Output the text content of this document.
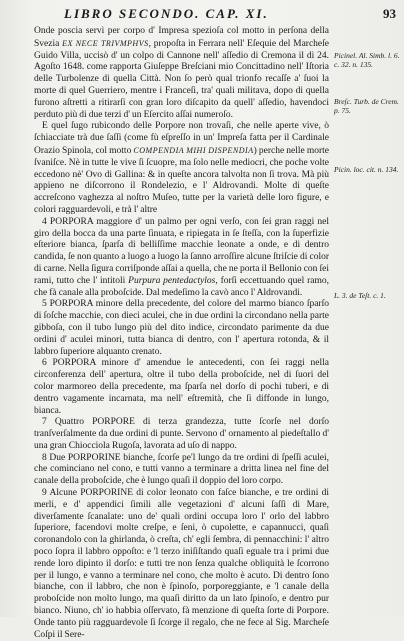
LIBRO SECONDO. CAP. XI.	93

Onde poscia servì per corpo d' Impresa spezioſa col motto in perſona della Svezia EX NECE TRIVMPHVS, propoſta in Ferrara nell' Eſequie del Marcheſe Guido Villa, uccisò d' un colpo di Cannone nell' aſſedio di Cremona il dì 24. Agoſto 1648. come rapporta Giuſeppe Breſciani mio Concittadino nell' Iſtoria delle Turbolenze di quella Città. Non ſo però qual trionfo recaſſe a' ſuoi la morte di quel Guerriero, mentre i Franceſi, tra' quali militava, dopo di quella furono aſtretti a ritirarſi con gran loro diſcapito da quell' aſſedio, havendoci perduto più di due terzi d' un Eſercito aſſai numeroſo.

E quel ſugo rubicondo delle Porpore non trovaſi, che nelle aperte vive, ò ſchiacciate trà due ſaſſi (come fù eſpreſſo in un' Impreſa fatta per il Cardinale Orazio Spinola, col motto COMPENDIA MIHI DISPENDIA) perche nelle morte ſvaniſce. Nè in tutte le vive ſi ſcuopre, ma ſolo nelle mediocri, che poche volte eccedono nè' Ovo di Gallina: & in queſte ancora talvolta non ſi trova. Mà più appieno ne diſcorrono il Rondelezio, e l' Aldrovandi. Molte di queſte accreſcono vaghezza al noſtro Muſeo, tutte per la varietà delle loro figure, e colori ragguardevoli, e trà l' altre

4 PORPORA maggiore d' un palmo per ogni verſo, con ſei gran raggi nel giro della bocca da una parte ſinuata, e ripiegata in ſe ſteſſa, con la ſuperfizie eſteriore bianca, ſparſa di belliſſime macchie leonate a onde, e di dentro candida, ſe non quanto a luogo a luogo la ſanno arroſſire alcune ſtriſcie di color di carne. Nella ſigura corriſponde aſſai a quella, che ne porta il Bellonio con ſei rami, tutto che l' intitoli Purpura pentedactylos, forſi eccettuando quel ramo, che fà canale alla proboſcide. Dal medeſimo la cavò anco l' Aldrovandi.

5 PORPORA minore della precedente, del colore del marmo bianco ſparſo di ſoſche macchie, con dieci aculei, che in due ordini la circondano nella parte gibboſa, con il tubo lungo più del dito indice, circondato parimente da due ordini d' aculei minori, tutta bianca di dentro, con l' apertura rotonda, & il labbro ſuperiore alquanto crenato.

6 PORPORA minore d' amendue le antecedenti, con ſei raggi nella circonferenza dell' apertura, oltre il tubo della proboſcide, nel di ſuori del color marmoreo della precedente, ma ſparſa nel dorſo di pochi tuberi, e di dentro vagamente incarnata, ma nell' eſtremità, che ſi diffonde in lungo, bianca.

7 Quattro PORPORE di terza grandezza, tutte ſcorſe nel dorſo tranſverſalmente da due ordini di punte. Servono d' ornamento al piedeſtallo d' una gran Chiocciola Rugoſa, lavorata ad uſo di nappo.

8 Due PORPORINE bianche, ſcorſe pe'l lungo da tre ordini di ſpeſſi aculei, che cominciano nel cono, e tutti vanno a terminare a dritta linea nel fine del canale della proboſcide, che è lungo quaſi il doppio del loro corpo.

9 Alcune PORPORINE di color leonato con faſce bianche, e tre ordini di merli, e d' appendici ſimili alle vegetazioni d' alcuni ſaſſi di Mare, diverſamente ſcanalate: uno de' quali ordini occupa loro l' orlo del labbro ſuperiore, facendovi molte creſpe, e ſeni, ò cupolette, e capannucci, quaſi coronandolo con la ghirlanda, ò creſta, ch' egli ſembra, di pennacchini: l' altro poco ſopra il labbro oppoſto: e 'l terzo iniſiſtando quaſi eguale tra i primi due rende loro dipinto il dorſo: e tutti tre non ſenza qualche obliquità le ſcorrono per il lungo, e vanno a terminare nel cono, che molto è acuto. Di dentro ſono bianche, con il labbro, che non è ſpinoſo, porporeggiante, e 'l canale della proboſcide non molto lungo, ma quaſi diritto da un lato ſpinoſo, e dentro pur bianco. Niuno, ch' io habbia oſſervato, fà menzione di queſta ſorte di Porpore. Onde tanto più ragguardevole ſi ſcorge il regalo, che ne fece al Sig. Marcheſe Coſpi il Sere-

Picinel. Al. Simb. l. 6. c. 32. n. 135.
Breſc. Turb. de Crem. p. 75.
Picin. loc. cit. n. 134.
L. 3. de Teſt. c. 1.
